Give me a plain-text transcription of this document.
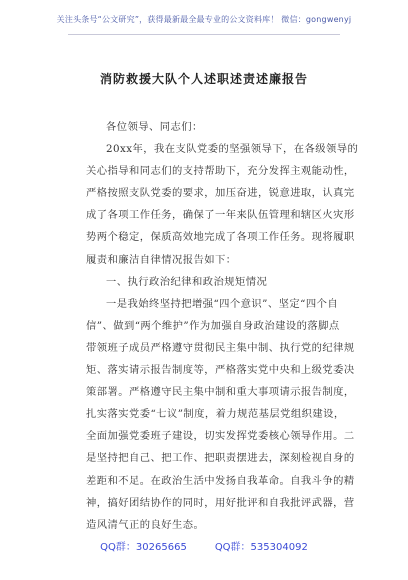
关注头条号“公文研究”，获得最新最全最专业的公文资料库！ 微信：gongwenyj
消防救援大队个人述职述责述廉报告
各位领导、同志们：
20xx年，我在支队党委的坚强领导下，在各级领导的
关心指导和同志们的支持帮助下，充分发挥主观能动性，
严格按照支队党委的要求，加压奋进，锐意进取，认真完
成了各项工作任务，确保了一年来队伍管理和辖区火灾形
势两个稳定，保质高效地完成了各项工作任务。现将履职
履责和廉洁自律情况报告如下：
一、执行政治纪律和政治规矩情况
一是我始终坚持把增强“四个意识”、坚定“四个自
信”、做到“两个维护”作为加强自身政治建设的落脚点
带领班子成员严格遵守贯彻民主集中制、执行党的纪律规
矩、落实请示报告制度等，严格落实党中央和上级党委决
策部署。严格遵守民主集中制和重大事项请示报告制度，
扎实落实党委“七议”制度，着力规范基层党组织建设，
全面加强党委班子建设，切实发挥党委核心领导作用。二
是坚持把自己、把工作、把职责摆进去，深刻检视自身的
差距和不足。在政治生活中发扬自我革命。自我斗争的精
神，搞好团结协作的同时，用好批评和自我批评武器，营
造风清气正的良好生态。
QQ群：30265665	QQ群：535304092
